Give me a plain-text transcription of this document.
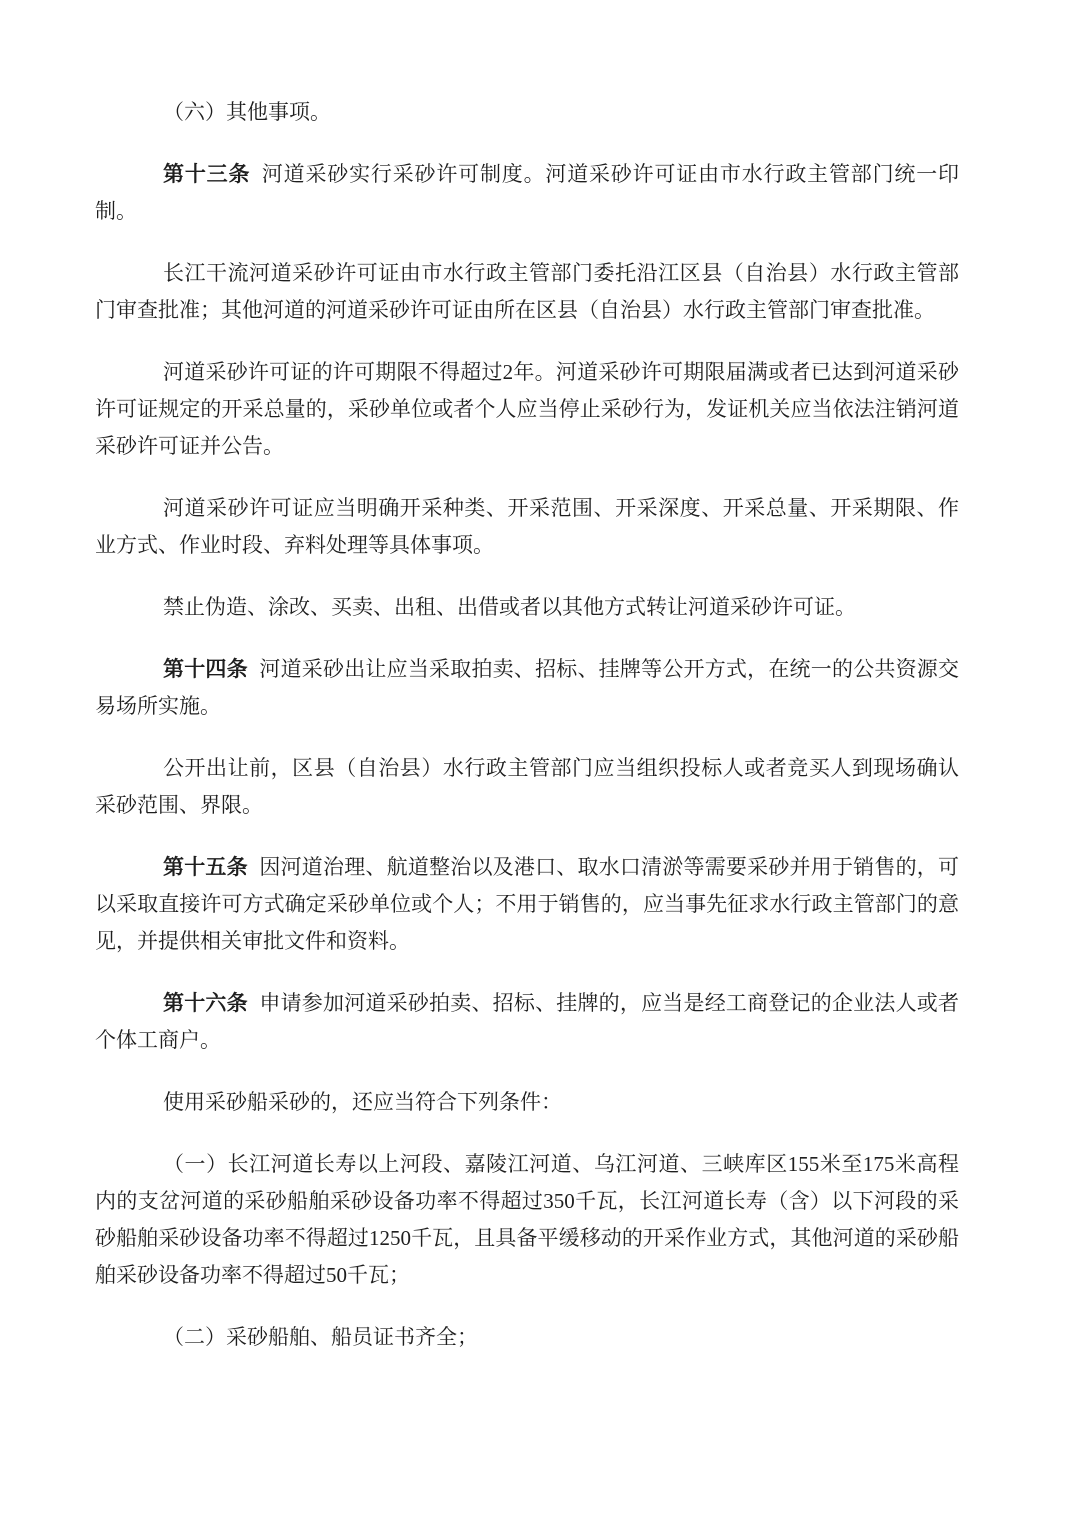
（六）其他事项。

第十三条 河道采砂实行采砂许可制度。河道采砂许可证由市水行政主管部门统一印制。

长江干流河道采砂许可证由市水行政主管部门委托沿江区县（自治县）水行政主管部门审查批准；其他河道的河道采砂许可证由所在区县（自治县）水行政主管部门审查批准。

河道采砂许可证的许可期限不得超过2年。河道采砂许可期限届满或者已达到河道采砂许可证规定的开采总量的，采砂单位或者个人应当停止采砂行为，发证机关应当依法注销河道采砂许可证并公告。

河道采砂许可证应当明确开采种类、开采范围、开采深度、开采总量、开采期限、作业方式、作业时段、弃料处理等具体事项。

禁止伪造、涂改、买卖、出租、出借或者以其他方式转让河道采砂许可证。

第十四条 河道采砂出让应当采取拍卖、招标、挂牌等公开方式，在统一的公共资源交易场所实施。

公开出让前，区县（自治县）水行政主管部门应当组织投标人或者竞买人到现场确认采砂范围、界限。

第十五条 因河道治理、航道整治以及港口、取水口清淤等需要采砂并用于销售的，可以采取直接许可方式确定采砂单位或个人；不用于销售的，应当事先征求水行政主管部门的意见，并提供相关审批文件和资料。

第十六条 申请参加河道采砂拍卖、招标、挂牌的，应当是经工商登记的企业法人或者个体工商户。

使用采砂船采砂的，还应当符合下列条件：

（一）长江河道长寿以上河段、嘉陵江河道、乌江河道、三峡库区155米至175米高程内的支岔河道的采砂船舶采砂设备功率不得超过350千瓦，长江河道长寿（含）以下河段的采砂船舶采砂设备功率不得超过1250千瓦，且具备平缓移动的开采作业方式，其他河道的采砂船舶采砂设备功率不得超过50千瓦；

（二）采砂船舶、船员证书齐全；
